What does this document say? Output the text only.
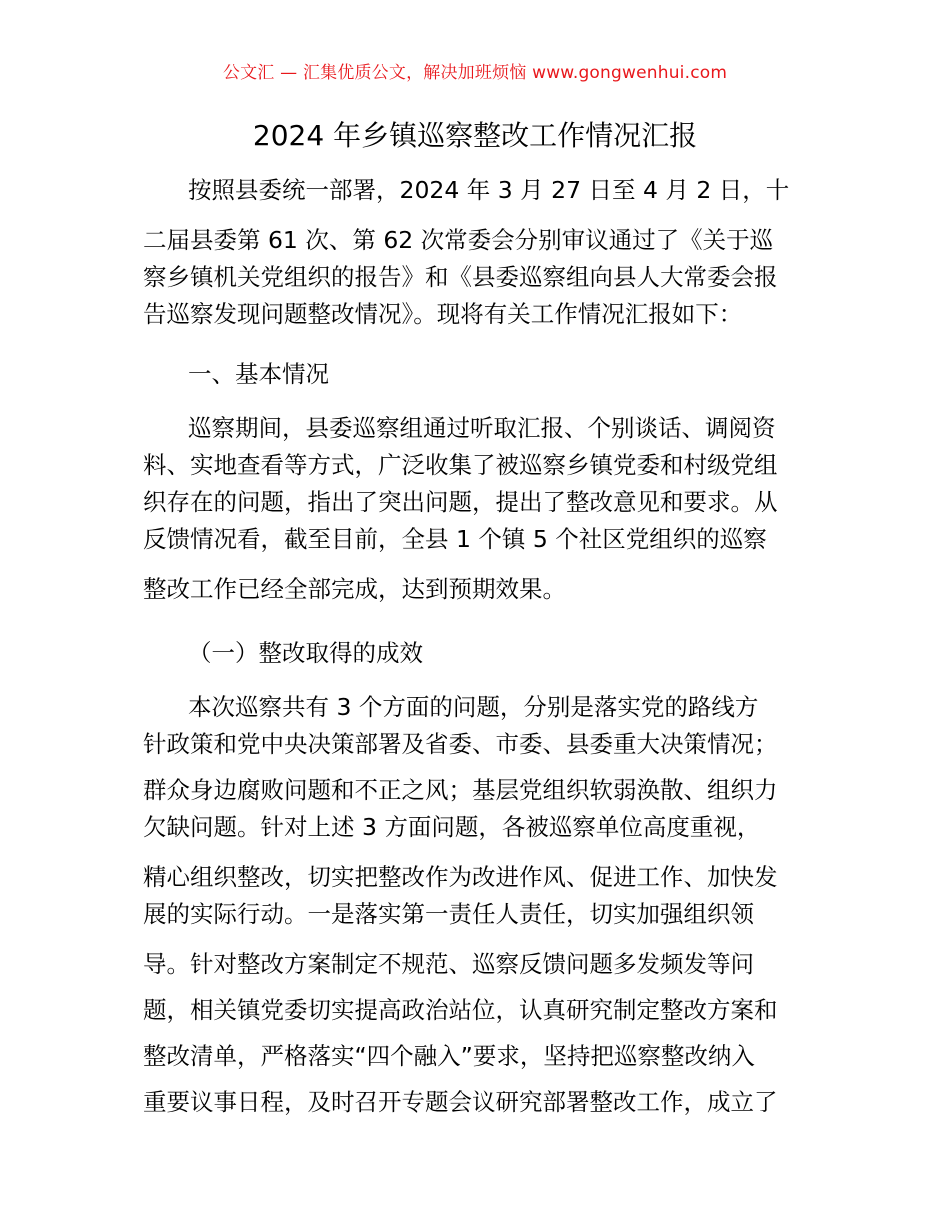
公文汇 — 汇集优质公文，解决加班烦恼 www.gongwenhui.com
2024 年乡镇巡察整改工作情况汇报
按照县委统一部署，2024 年 3 月 27 日至 4 月 2 日，十
二届县委第 61 次、第 62 次常委会分别审议通过了《关于巡
察乡镇机关党组织的报告》和《县委巡察组向县人大常委会报
告巡察发现问题整改情况》。现将有关工作情况汇报如下：
一、基本情况
巡察期间，县委巡察组通过听取汇报、个别谈话、调阅资
料、实地查看等方式，广泛收集了被巡察乡镇党委和村级党组
织存在的问题，指出了突出问题，提出了整改意见和要求。从
反馈情况看，截至目前，全县 1 个镇 5 个社区党组织的巡察
整改工作已经全部完成，达到预期效果。
（一）整改取得的成效
本次巡察共有 3 个方面的问题，分别是落实党的路线方
针政策和党中央决策部署及省委、市委、县委重大决策情况；
群众身边腐败问题和不正之风；基层党组织软弱涣散、组织力
欠缺问题。针对上述 3 方面问题，各被巡察单位高度重视，
精心组织整改，切实把整改作为改进作风、促进工作、加快发
展的实际行动。一是落实第一责任人责任，切实加强组织领
导。针对整改方案制定不规范、巡察反馈问题多发频发等问
题，相关镇党委切实提高政治站位，认真研究制定整改方案和
整改清单，严格落实“四个融入”要求，坚持把巡察整改纳入
重要议事日程，及时召开专题会议研究部署整改工作，成立了
